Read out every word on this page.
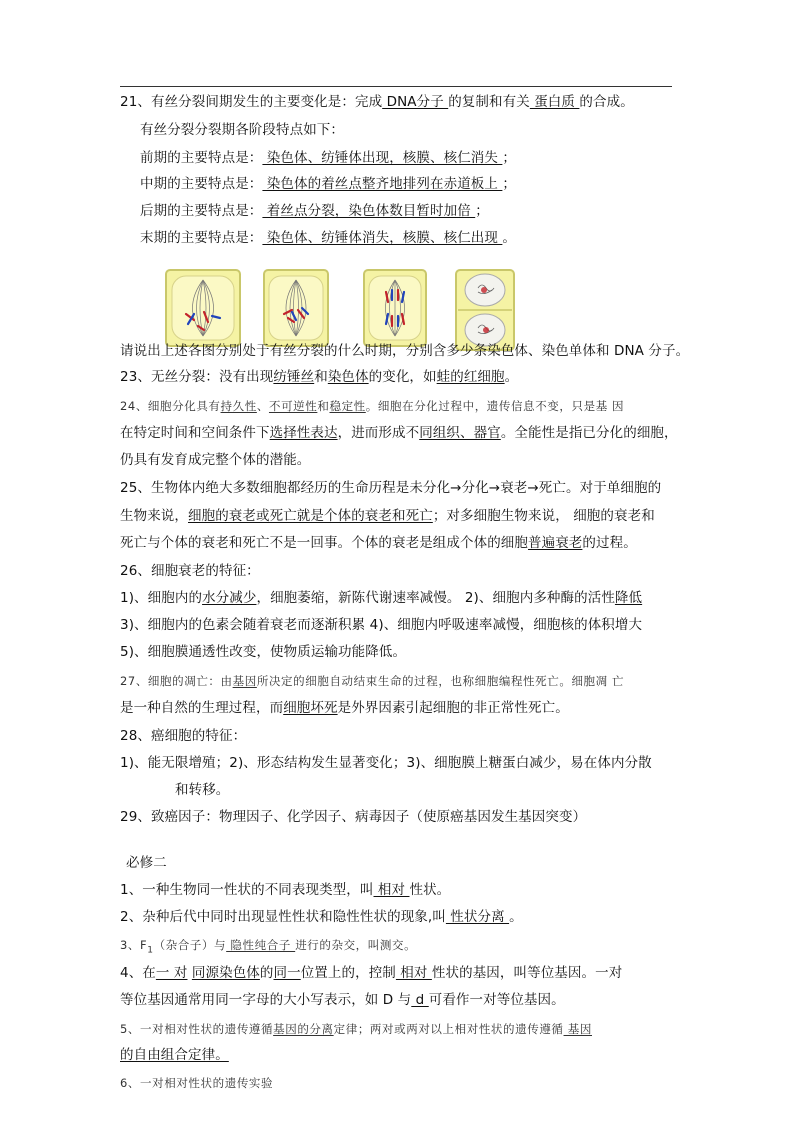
21、有丝分裂间期发生的主要变化是：完成 DNA分子 的复制和有关 蛋白质 的合成。
有丝分裂分裂期各阶段特点如下：
前期的主要特点是： 染色体、纺锤体出现，核膜、核仁消失 ；
中期的主要特点是： 染色体的着丝点整齐地排列在赤道板上 ；
后期的主要特点是： 着丝点分裂，染色体数目暂时加倍 ；
末期的主要特点是： 染色体、纺锤体消失，核膜、核仁出现 。
请说出上述各图分别处于有丝分裂的什么时期，分别含多少条染色体、染色单体和 DNA 分子。
23、无丝分裂：没有出现纺锤丝和染色体的变化，如蛙的红细胞。
24、细胞分化具有持久性、不可逆性和稳定性。细胞在分化过程中，遗传信息不变，只是基 因
在特定时间和空间条件下选择性表达，进而形成不同组织、器官。全能性是指已分化的细胞，
仍具有发育成完整个体的潜能。
25、生物体内绝大多数细胞都经历的生命历程是未分化→分化→衰老→死亡。对于单细胞的
生物来说，细胞的衰老或死亡就是个体的衰老和死亡；对多细胞生物来说， 细胞的衰老和
死亡与个体的衰老和死亡不是一回事。个体的衰老是组成个体的细胞普遍衰老的过程。
26、细胞衰老的特征：
1)、细胞内的水分减少，细胞萎缩，新陈代谢速率减慢。 2)、细胞内多种酶的活性降低
3)、细胞内的色素会随着衰老而逐渐积累 4)、细胞内呼吸速率减慢，细胞核的体积增大
5)、细胞膜通透性改变，使物质运输功能降低。
27、细胞的凋亡：由基因所决定的细胞自动结束生命的过程，也称细胞编程性死亡。细胞凋 亡
是一种自然的生理过程，而细胞坏死是外界因素引起细胞的非正常性死亡。
28、癌细胞的特征：
1)、能无限增殖；2)、形态结构发生显著变化；3)、细胞膜上糖蛋白减少，易在体内分散
和转移。
29、致癌因子：物理因子、化学因子、病毒因子（使原癌基因发生基因突变）
必修二
1、一种生物同一性状的不同表现类型，叫 相对 性状。
2、杂种后代中同时出现显性性状和隐性性状的现象,叫 性状分离 。
3、$F_1$（杂合子）与 隐性纯合子 进行的杂交，叫测交。
4、在一 对 同源染色体的同一位置上的，控制 相对 性状的基因，叫等位基因。一对
等位基因通常用同一字母的大小写表示，如 D 与 d 可看作一对等位基因。
5、一对相对性状的遗传遵循基因的分离定律；两对或两对以上相对性状的遗传遵循 基因
的自由组合定律。
6、一对相对性状的遗传实验
